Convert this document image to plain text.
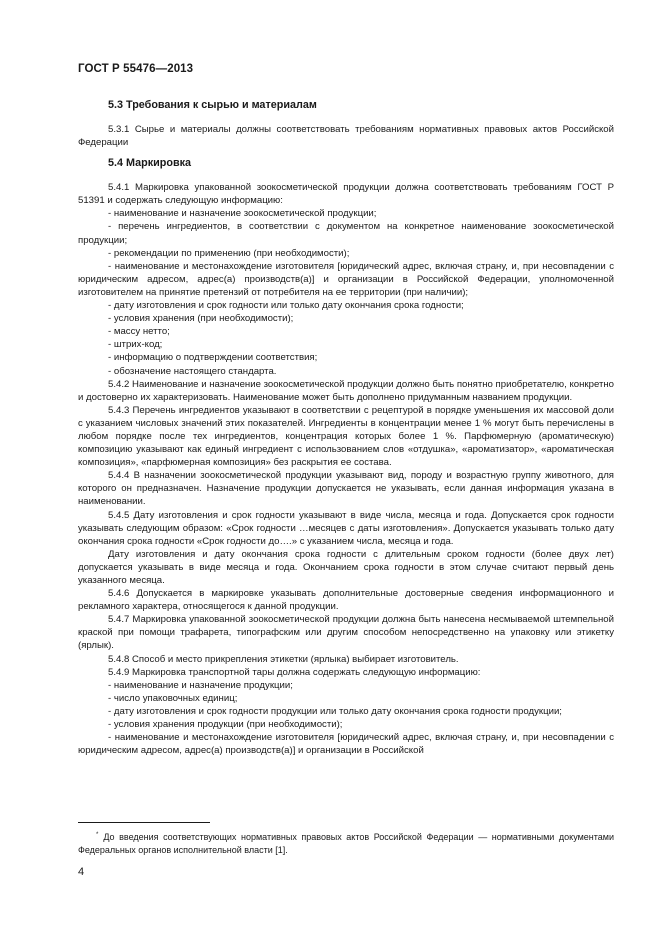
ГОСТ Р 55476—2013
5.3 Требования к сырью и материалам

5.3.1 Сырье и материалы должны соответствовать требованиям нормативных правовых актов Российской Федерации

5.4 Маркировка

5.4.1 Маркировка упакованной зоокосметической продукции должна соответствовать требованиям ГОСТ Р 51391 и содержать следующую информацию:

- наименование и назначение зоокосметической продукции;

- перечень ингредиентов, в соответствии с документом на конкретное наименование зоокосметической продукции;

- рекомендации по применению (при необходимости);

- наименование и местонахождение изготовителя [юридический адрес, включая страну, и, при несовпадении с юридическим адресом, адрес(а) производств(а)] и организации в Российской Федерации, уполномоченной изготовителем на принятие претензий от потребителя на ее территории (при наличии);

- дату изготовления и срок годности или только дату окончания срока годности;

- условия хранения (при необходимости);

- массу нетто;

- штрих-код;

- информацию о подтверждении соответствия;

- обозначение настоящего стандарта.

5.4.2 Наименование и назначение зоокосметической продукции должно быть понятно приобретателю, конкретно и достоверно их характеризовать. Наименование может быть дополнено придуманным названием продукции.

5.4.3 Перечень ингредиентов указывают в соответствии с рецептурой в порядке уменьшения их массовой доли с указанием числовых значений этих показателей. Ингредиенты в концентрации менее 1 % могут быть перечислены в любом порядке после тех ингредиентов, концентрация которых более 1 %. Парфюмерную (ароматическую) композицию указывают как единый ингредиент с использованием слов «отдушка», «ароматизатор», «ароматическая композиция», «парфюмерная композиция» без раскрытия ее состава.

5.4.4 В назначении зоокосметической продукции указывают вид, породу и возрастную группу животного, для которого он предназначен. Назначение продукции допускается не указывать, если данная информация указана в наименовании.

5.4.5 Дату изготовления и срок годности указывают в виде числа, месяца и года. Допускается срок годности указывать следующим образом: «Срок годности …месяцев с даты изготовления». Допускается указывать только дату окончания срока годности «Срок годности до….» с указанием числа, месяца и года.

Дату изготовления и дату окончания срока годности с длительным сроком годности (более двух лет) допускается указывать в виде месяца и года. Окончанием срока годности в этом случае считают первый день указанного месяца.

5.4.6 Допускается в маркировке указывать дополнительные достоверные сведения информационного и рекламного характера, относящегося к данной продукции.

5.4.7 Маркировка упакованной зоокосметической продукции должна быть нанесена несмываемой штемпельной краской при помощи трафарета, типографским или другим способом непосредственно на упаковку или этикетку (ярлык).

5.4.8 Способ и место прикрепления этикетки (ярлыка) выбирает изготовитель.

5.4.9 Маркировка транспортной тары должна содержать следующую информацию:

- наименование и назначение продукции;

- число упаковочных единиц;

- дату изготовления и срок годности продукции или только дату окончания срока годности продукции;

- условия хранения продукции (при необходимости);

- наименование и местонахождение изготовителя [юридический адрес, включая страну, и, при несовпадении с юридическим адресом, адрес(а) производств(а)] и организации в Российской

* До введения соответствующих нормативных правовых актов Российской Федерации — нормативными документами Федеральных органов исполнительной власти [1].
4
